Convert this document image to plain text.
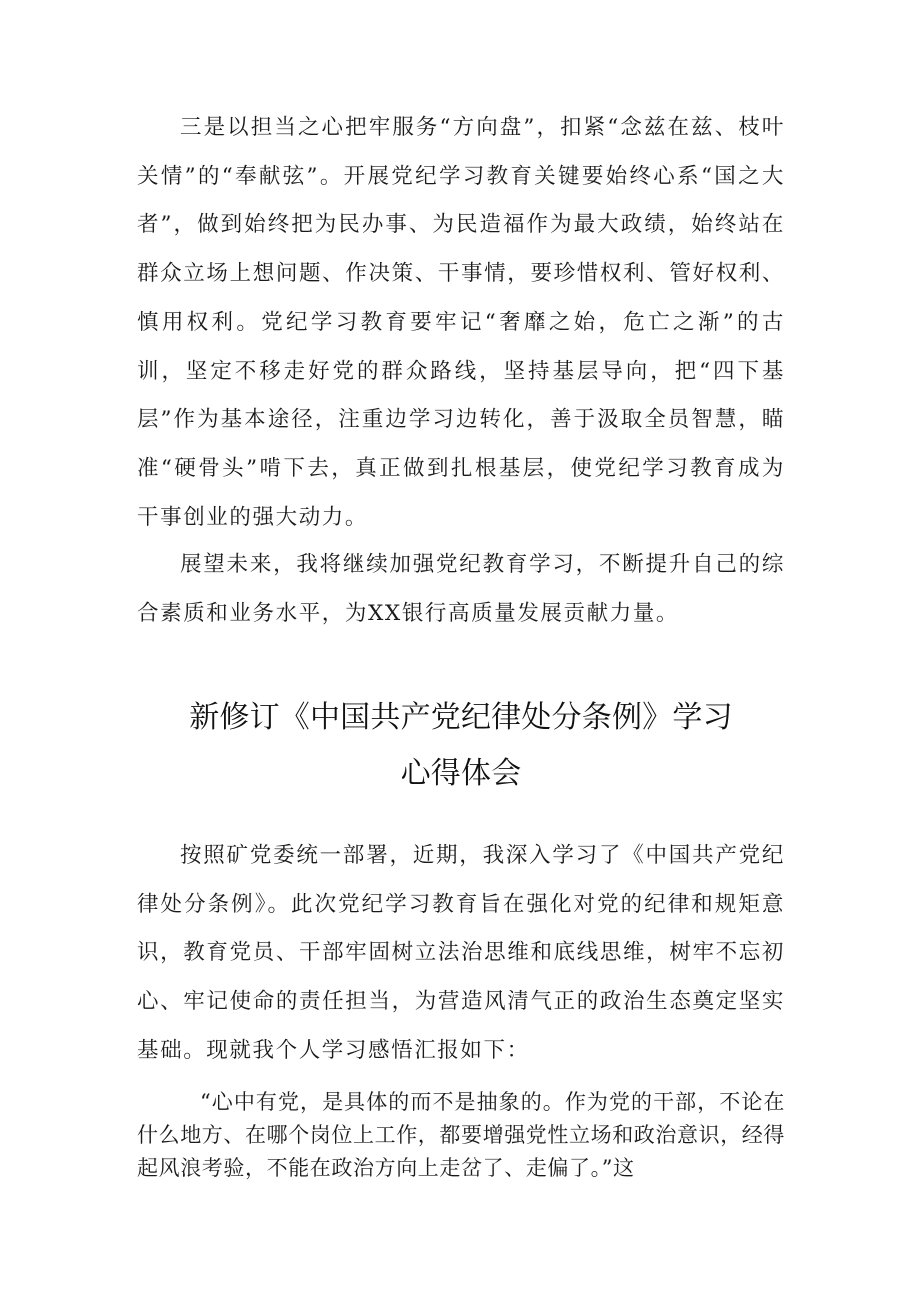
三是以担当之心把牢服务“方向盘”，扣紧“念兹在兹、枝叶关情”的“奉献弦”。开展党纪学习教育关键要始终心系“国之大者”，做到始终把为民办事、为民造福作为最大政绩，始终站在群众立场上想问题、作决策、干事情，要珍惜权利、管好权利、慎用权利。党纪学习教育要牢记“奢靡之始，危亡之渐”的古训，坚定不移走好党的群众路线，坚持基层导向，把“四下基层”作为基本途径，注重边学习边转化，善于汲取全员智慧，瞄准“硬骨头”啃下去，真正做到扎根基层，使党纪学习教育成为干事创业的强大动力。

展望未来，我将继续加强党纪教育学习，不断提升自己的综合素质和业务水平，为XX银行高质量发展贡献力量。

新修订《中国共产党纪律处分条例》学习
心得体会

按照矿党委统一部署，近期，我深入学习了《中国共产党纪律处分条例》。此次党纪学习教育旨在强化对党的纪律和规矩意识，教育党员、干部牢固树立法治思维和底线思维，树牢不忘初心、牢记使命的责任担当，为营造风清气正的政治生态奠定坚实基础。现就我个人学习感悟汇报如下：

“心中有党，是具体的而不是抽象的。作为党的干部，不论在什么地方、在哪个岗位上工作，都要增强党性立场和政治意识，经得起风浪考验，不能在政治方向上走岔了、走偏了。”这
